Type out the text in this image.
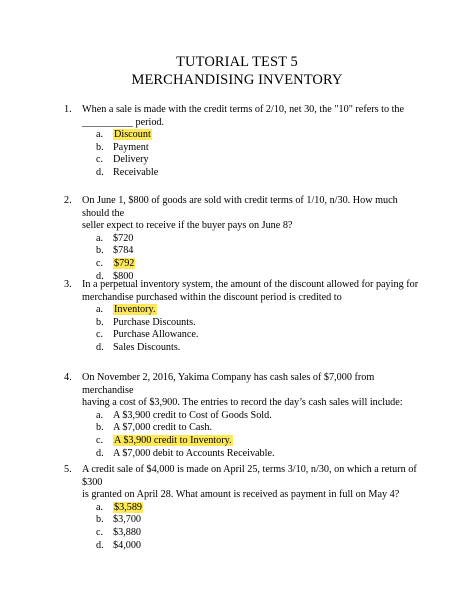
TUTORIAL TEST 5
MERCHANDISING INVENTORY
1. When a sale is made with the credit terms of 2/10, net 30, the "10" refers to the
__________ period.
a. Discount
b. Payment
c. Delivery
d. Receivable
2. On June 1, $800 of goods are sold with credit terms of 1/10, n/30. How much should the
seller expect to receive if the buyer pays on June 8?
a. $720
b. $784
c. $792
d. $800
3. In a perpetual inventory system, the amount of the discount allowed for paying for
merchandise purchased within the discount period is credited to
a. Inventory.
b. Purchase Discounts.
c. Purchase Allowance.
d. Sales Discounts.
4. On November 2, 2016, Yakima Company has cash sales of $7,000 from merchandise
having a cost of $3,900. The entries to record the day’s cash sales will include:
a. A $3,900 credit to Cost of Goods Sold.
b. A $7,000 credit to Cash.
c. A $3,900 credit to Inventory.
d. A $7,000 debit to Accounts Receivable.
5. A credit sale of $4,000 is made on April 25, terms 3/10, n/30, on which a return of $300
is granted on April 28. What amount is received as payment in full on May 4?
a. $3,589
b. $3,700
c. $3,880
d. $4,000
